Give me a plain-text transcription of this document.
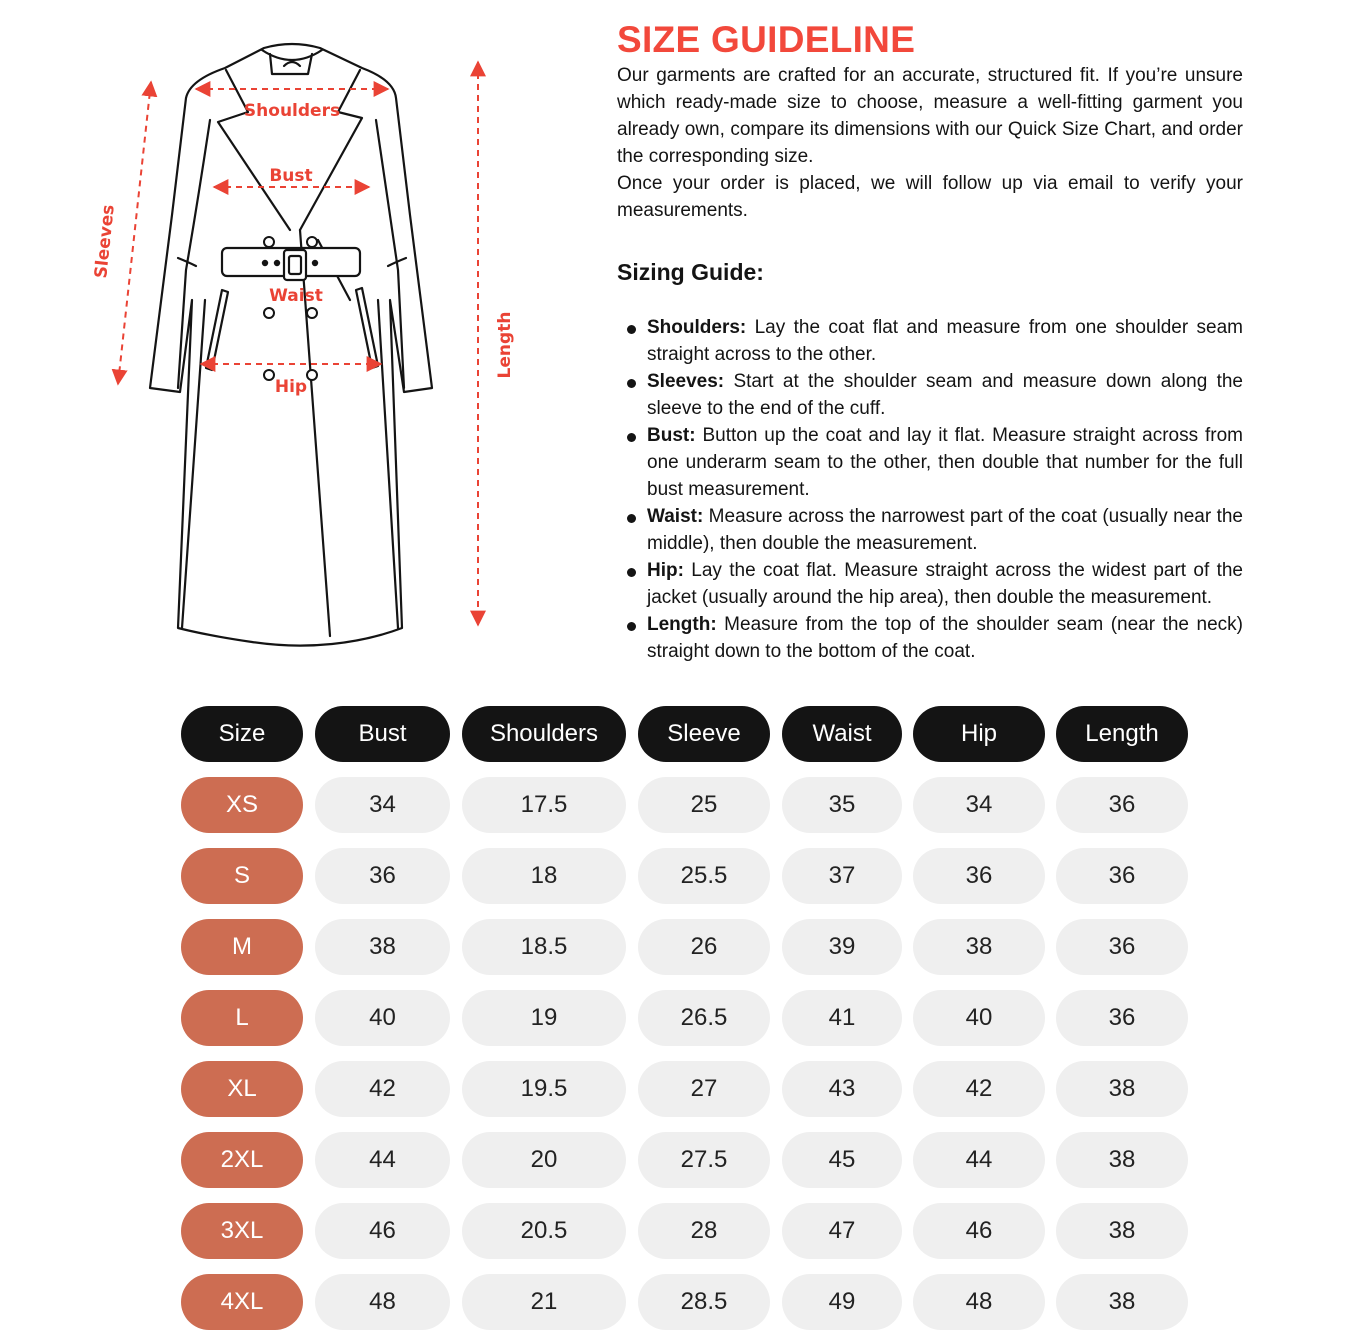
Shoulders
Bust
Waist
Hip
Sleeves
Length
SIZE GUIDELINE

Our garments are crafted for an accurate, structured fit. If you’re unsure which ready-made size to choose, measure a well-fitting garment you already own, compare its dimensions with our Quick Size Chart, and order the corresponding size.

Once your order is placed, we will follow up via email to verify your measurements.

Sizing Guide:
Shoulders: Lay the coat flat and measure from one shoulder seam straight across to the other.
Sleeves: Start at the shoulder seam and measure down along the sleeve to the end of the cuff.
Bust: Button up the coat and lay it flat. Measure straight across from one underarm seam to the other, then double that number for the full bust measurement.
Waist: Measure across the narrowest part of the coat (usually near the middle), then double the measurement.
Hip: Lay the coat flat. Measure straight across the widest part of the jacket (usually around the hip area), then double the measurement.
Length: Measure from the top of the shoulder seam (near the neck) straight down to the bottom of the coat.
Size	Bust	Shoulders	Sleeve	Waist	Hip	Length
XS	34	17.5	25	35	34	36
S	36	18	25.5	37	36	36
M	38	18.5	26	39	38	36
L	40	19	26.5	41	40	36
XL	42	19.5	27	43	42	38
2XL	44	20	27.5	45	44	38
3XL	46	20.5	28	47	46	38
4XL	48	21	28.5	49	48	38
